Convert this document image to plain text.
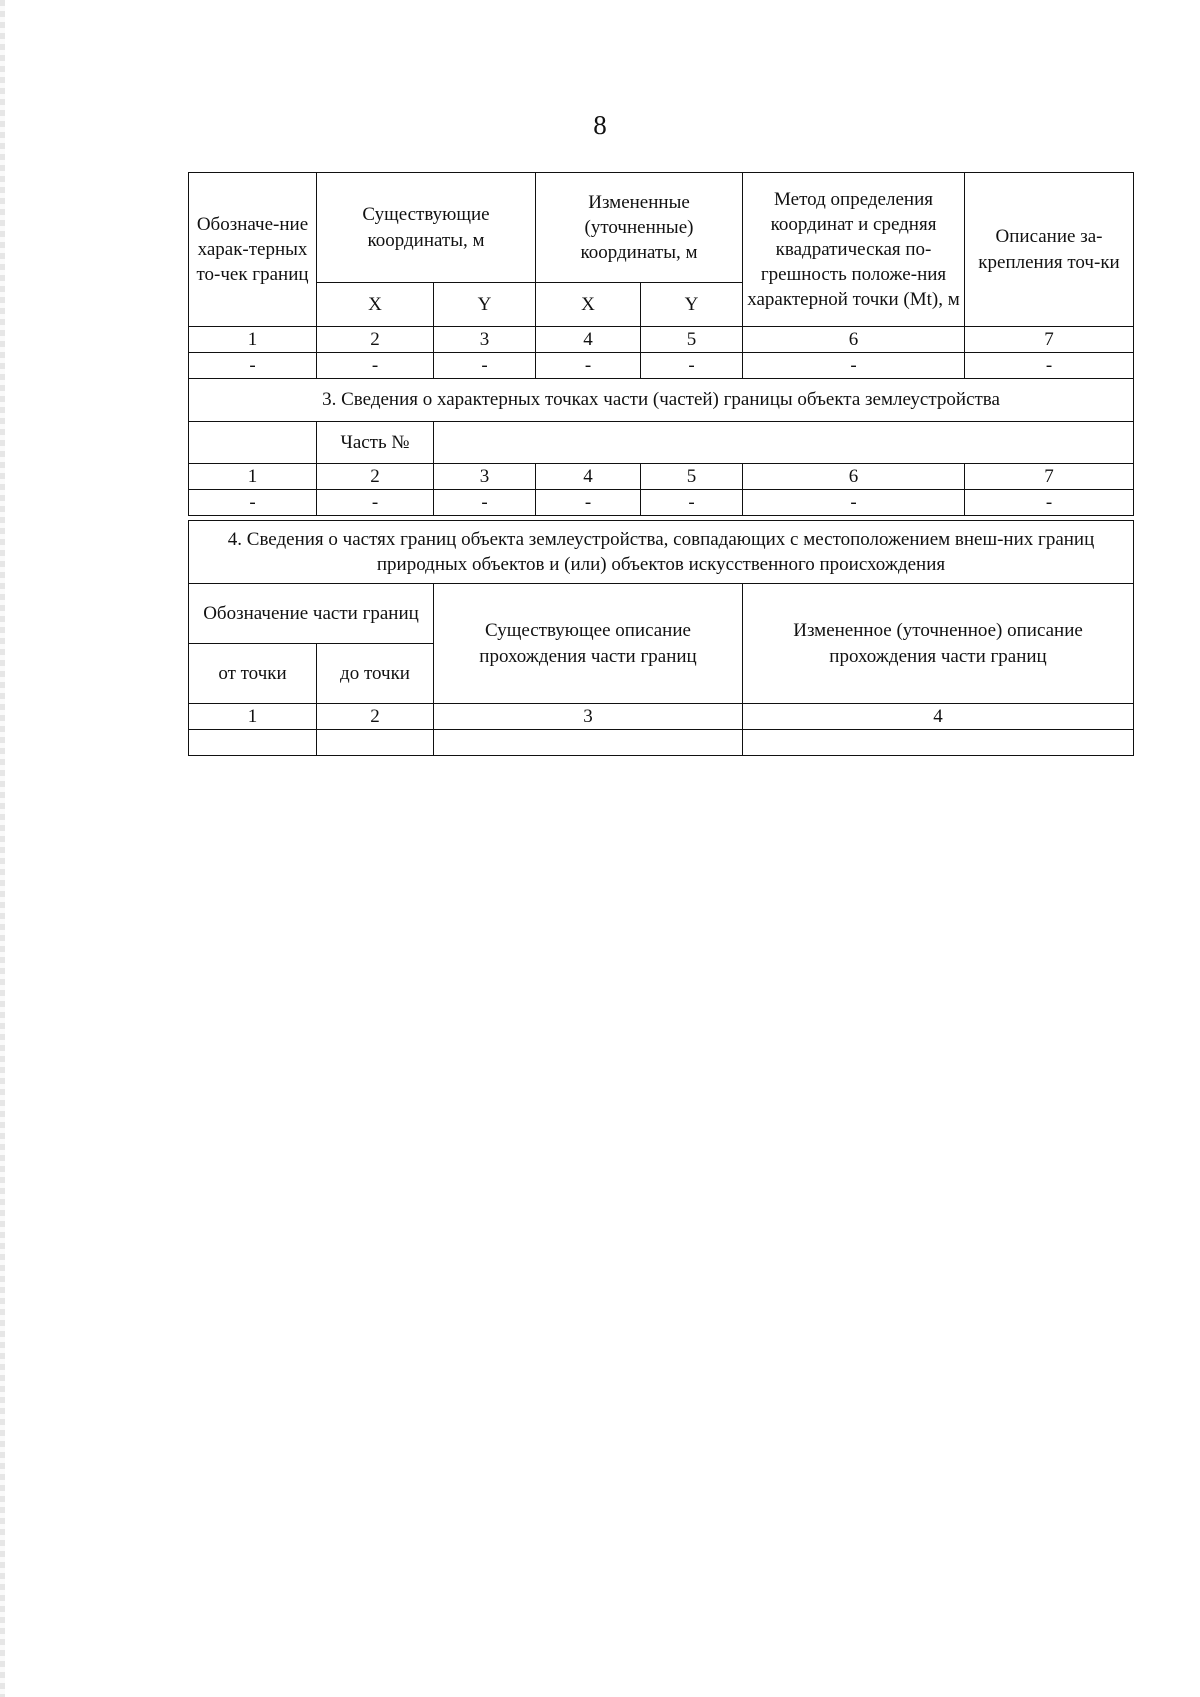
8
Обозначе-ние харак-терных то-чек границ	Существующие координаты, м		Измененные (уточненные) координаты, м		Метод определения координат и средняя квадратическая по-грешность положе-ния характерной точки (Mt), м	Описание за-крепления точ-ки
	X	Y	X	Y		
1	2	3	4	5	6	7
-	-	-	-	-	-	-
3. Сведения о характерных точках части (частей) границы объекта землеустройства						
	Часть №					
1	2	3	4	5	6	7
-	-	-	-	-	-	-
4. Сведения о частях границ объекта землеустройства, совпадающих с местоположением внеш-них границ природных объектов и (или) объектов искусственного происхождения			
Обозначение части границ		Существующее описание прохождения части границ	Измененное (уточненное) описание прохождения части границ
от точки	до точки		
1	2	3	4
